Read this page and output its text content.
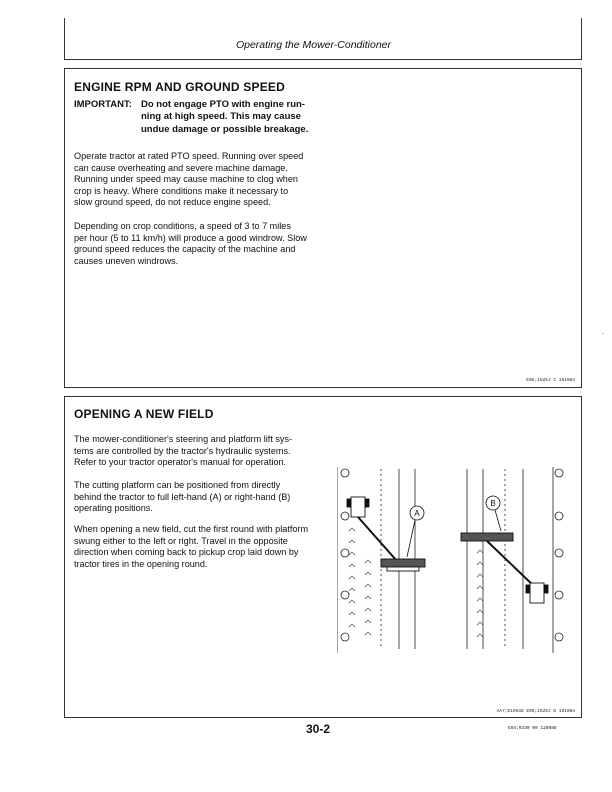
Operating the Mower-Conditioner
ENGINE RPM AND GROUND SPEED
IMPORTANT: Do not engage PTO with engine run-
ning at high speed. This may cause
undue damage or possible breakage.
Operate tractor at rated PTO speed. Running over speed
can cause overheating and severe machine damage.
Running under speed may cause machine to clog when
crop is heavy. Where conditions make it necessary to
slow ground speed, do not reduce engine speed.
Depending on crop conditions, a speed of 3 to 7 miles
per hour (5 to 11 km/h) will produce a good windrow. Slow
ground speed reduces the capacity of the machine and
causes uneven windrows.
E05;1525J C 191084
OPENING A NEW FIELD
The mower-conditioner's steering and platform lift sys-
tems are controlled by the tractor's hydraulic systems.
Refer to your tractor operator's manual for operation.
The cutting platform can be positioned from directly
behind the tractor to full left-hand (A) or right-hand (B)
operating positions.
When opening a new field, cut the first round with platform
swung either to the left or right. Travel in the opposite
direction when coming back to pickup crop laid down by
tractor tires in the opening round.
A
B
AA7;E19548 E05;1525J D 191084
30-2	E84;9330 00 120988
-
